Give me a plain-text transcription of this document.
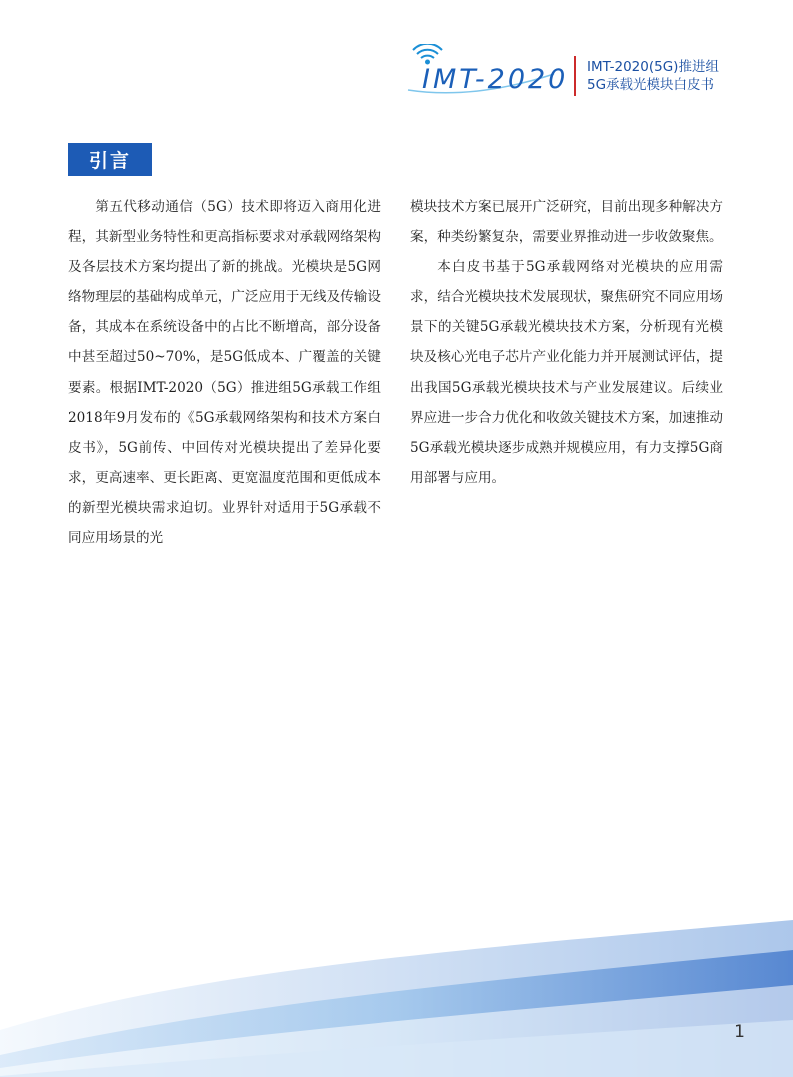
IMT-2020 IMT-2020(5G)推进组
5G承载光模块白皮书
引言

第五代移动通信（5G）技术即将迈入商用化进程，其新型业务特性和更高指标要求对承载网络架构及各层技术方案均提出了新的挑战。光模块是5G网络物理层的基础构成单元，广泛应用于无线及传输设备，其成本在系统设备中的占比不断增高，部分设备中甚至超过50~70%，是5G低成本、广覆盖的关键要素。根据IMT-2020（5G）推进组5G承载工作组2018年9月发布的《5G承载网络架构和技术方案白皮书》，5G前传、中回传对光模块提出了差异化要求，更高速率、更长距离、更宽温度范围和更低成本的新型光模块需求迫切。业界针对适用于5G承载不同应用场景的光

模块技术方案已展开广泛研究，目前出现多种解决方案，种类纷繁复杂，需要业界推动进一步收敛聚焦。

本白皮书基于5G承载网络对光模块的应用需求，结合光模块技术发展现状，聚焦研究不同应用场景下的关键5G承载光模块技术方案，分析现有光模块及核心光电子芯片产业化能力并开展测试评估，提出我国5G承载光模块技术与产业发展建议。后续业界应进一步合力优化和收敛关键技术方案，加速推动5G承载光模块逐步成熟并规模应用，有力支撑5G商用部署与应用。

1
